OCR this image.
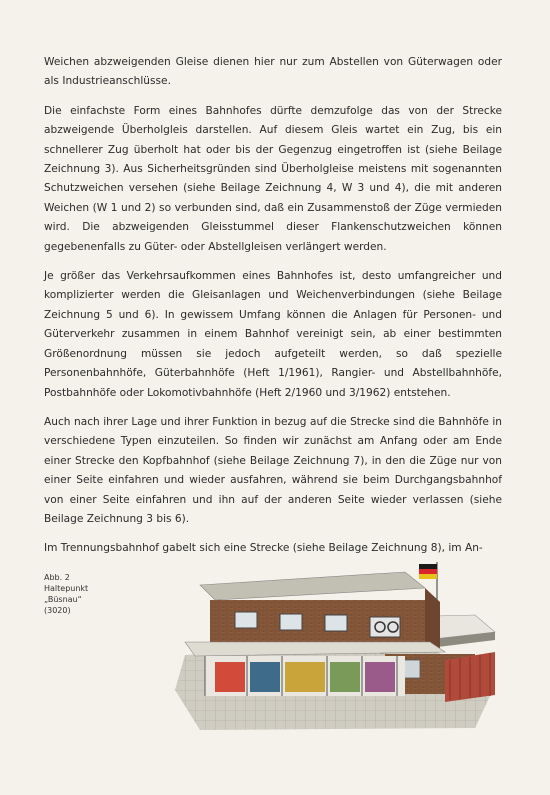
Weichen abzweigenden Gleise dienen hier nur zum Abstellen von Güterwagen oder als Industrieanschlüsse.

Die einfachste Form eines Bahnhofes dürfte demzufolge das von der Strecke abzweigende Überholgleis darstellen. Auf diesem Gleis wartet ein Zug, bis ein schnellerer Zug überholt hat oder bis der Gegenzug eingetroffen ist (siehe Beilage Zeichnung 3). Aus Sicherheitsgründen sind Überholgleise meistens mit sogenannten Schutzweichen versehen (siehe Beilage Zeichnung 4, W 3 und 4), die mit anderen Weichen (W 1 und 2) so verbunden sind, daß ein Zusammenstoß der Züge vermieden wird. Die abzweigenden Gleisstummel dieser Flankenschutzweichen können gegebenenfalls zu Güter- oder Abstellgleisen verlängert werden.

Je größer das Verkehrsaufkommen eines Bahnhofes ist, desto umfangreicher und komplizierter werden die Gleisanlagen und Weichenverbindungen (siehe Beilage Zeichnung 5 und 6). In gewissem Umfang können die Anlagen für Personen- und Güterverkehr zusammen in einem Bahnhof vereinigt sein, ab einer bestimmten Größenordnung müssen sie jedoch aufgeteilt werden, so daß spezielle Personenbahnhöfe, Güterbahnhöfe (Heft 1/1961), Rangier- und Abstellbahnhöfe, Postbahnhöfe oder Lokomotivbahnhöfe (Heft 2/1960 und 3/1962) entstehen.

Auch nach ihrer Lage und ihrer Funktion in bezug auf die Strecke sind die Bahnhöfe in verschiedene Typen einzuteilen. So finden wir zunächst am Anfang oder am Ende einer Strecke den Kopfbahnhof (siehe Beilage Zeichnung 7), in den die Züge nur von einer Seite einfahren und wieder ausfahren, während sie beim Durchgangsbahnhof von einer Seite einfahren und ihn auf der anderen Seite wieder verlassen (siehe Beilage Zeichnung 3 bis 6).

Im Trennungsbahnhof gabelt sich eine Strecke (siehe Beilage Zeichnung 8), im An-

Abb. 2
Haltepunkt
„Büsnau“
(3020)
